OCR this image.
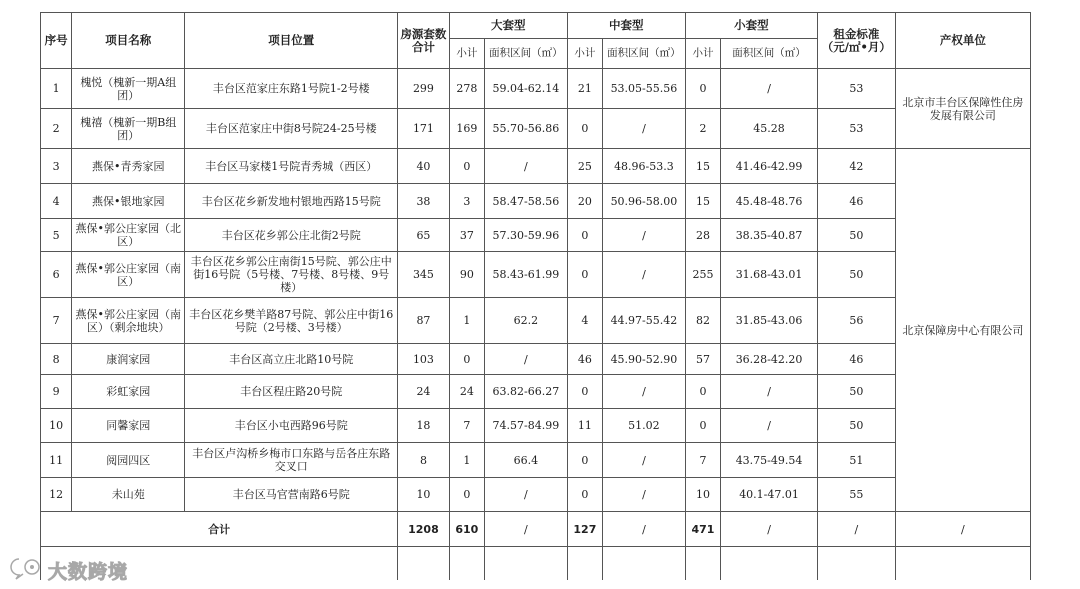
序号	项目名称	项目位置	房源套数合计	大套型		中套型		小套型		租金标准（元/㎡•月）	产权单位
				小计	面积区间（㎡）	小计	面积区间（㎡）	小计	面积区间（㎡）		
1	槐悦（槐新一期A组团）	丰台区范家庄东路1号院1-2号楼	299	278	59.04-62.14	21	53.05-55.56	0	/	53	北京市丰台区保障性住房发展有限公司
2	槐禧（槐新一期B组团）	丰台区范家庄中街8号院24-25号楼	171	169	55.70-56.86	0	/	2	45.28	53	
3	燕保•青秀家园	丰台区马家楼1号院青秀城（西区）	40	0	/	25	48.96-53.3	15	41.46-42.99	42	北京保障房中心有限公司
4	燕保•银地家园	丰台区花乡新发地村银地西路15号院	38	3	58.47-58.56	20	50.96-58.00	15	45.48-48.76	46	
5	燕保•郭公庄家园（北区）	丰台区花乡郭公庄北街2号院	65	37	57.30-59.96	0	/	28	38.35-40.87	50	
6	燕保•郭公庄家园（南区）	丰台区花乡郭公庄南街15号院、郭公庄中街16号院（5号楼、7号楼、8号楼、9号楼）	345	90	58.43-61.99	0	/	255	31.68-43.01	50	
7	燕保•郭公庄家园（南区）（剩余地块）	丰台区花乡樊羊路87号院、郭公庄中街16号院（2号楼、3号楼）	87	1	62.2	4	44.97-55.42	82	31.85-43.06	56	
8	康润家园	丰台区高立庄北路10号院	103	0	/	46	45.90-52.90	57	36.28-42.20	46	
9	彩虹家园	丰台区程庄路20号院	24	24	63.82-66.27	0	/	0	/	50	
10	同馨家园	丰台区小屯西路96号院	18	7	74.57-84.99	11	51.02	0	/	50	
11	阅园四区	丰台区卢沟桥乡梅市口东路与岳各庄东路交叉口	8	1	66.4	0	/	7	43.75-49.54	51	
12	未山苑	丰台区马官营南路6号院	10	0	/	0	/	10	40.1-47.01	55	
合计			1208	610	/	127	/	471	/	/	/

大数跨境
